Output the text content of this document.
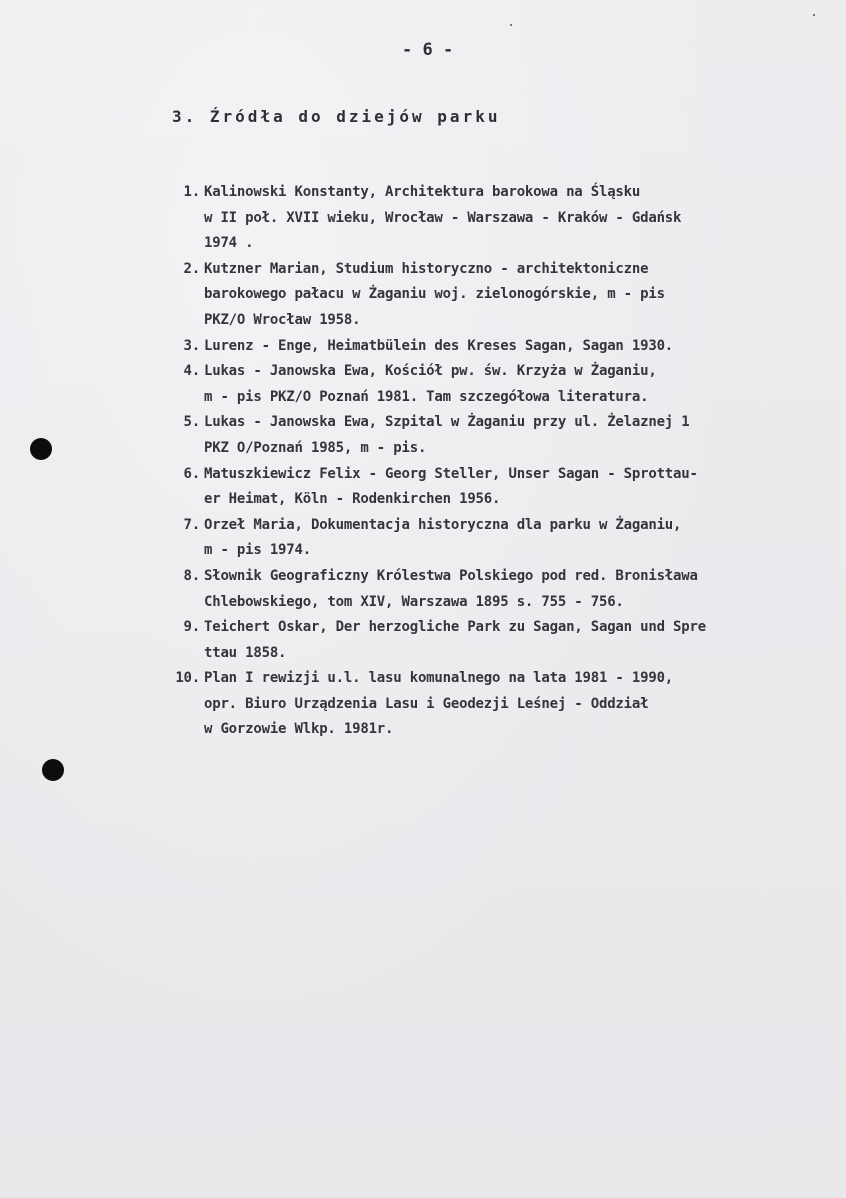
- 6 -
3. Źródła do dziejów parku
1. Kalinowski Konstanty, Architektura barokowa na Śląsku
w II poł. XVII wieku, Wrocław - Warszawa - Kraków - Gdańsk
1974 .
2. Kutzner Marian, Studium historyczno - architektoniczne
barokowego pałacu w Żaganiu woj. zielonogórskie, m - pis
PKZ/O Wrocław 1958.
3. Lurenz - Enge, Heimatbülein des Kreses Sagan, Sagan 1930.
4. Lukas - Janowska Ewa, Kościół pw. św. Krzyża w Żaganiu,
m - pis PKZ/O Poznań 1981. Tam szczegółowa literatura.
5. Lukas - Janowska Ewa, Szpital w Żaganiu przy ul. Żelaznej 1
PKZ O/Poznań 1985, m - pis.
6. Matuszkiewicz Felix - Georg Steller, Unser Sagan - Sprottau-
er Heimat, Köln - Rodenkirchen 1956.
7. Orzeł Maria, Dokumentacja historyczna dla parku w Żaganiu,
m - pis 1974.
8. Słownik Geograficzny Królestwa Polskiego pod red. Bronisława
Chlebowskiego, tom XIV, Warszawa 1895 s. 755 - 756.
9. Teichert Oskar, Der herzogliche Park zu Sagan, Sagan und Spre
ttau 1858.
10. Plan I rewizji u.l. lasu komunalnego na lata 1981 - 1990,
opr. Biuro Urządzenia Lasu i Geodezji Leśnej - Oddział
w Gorzowie Wlkp. 1981r.
